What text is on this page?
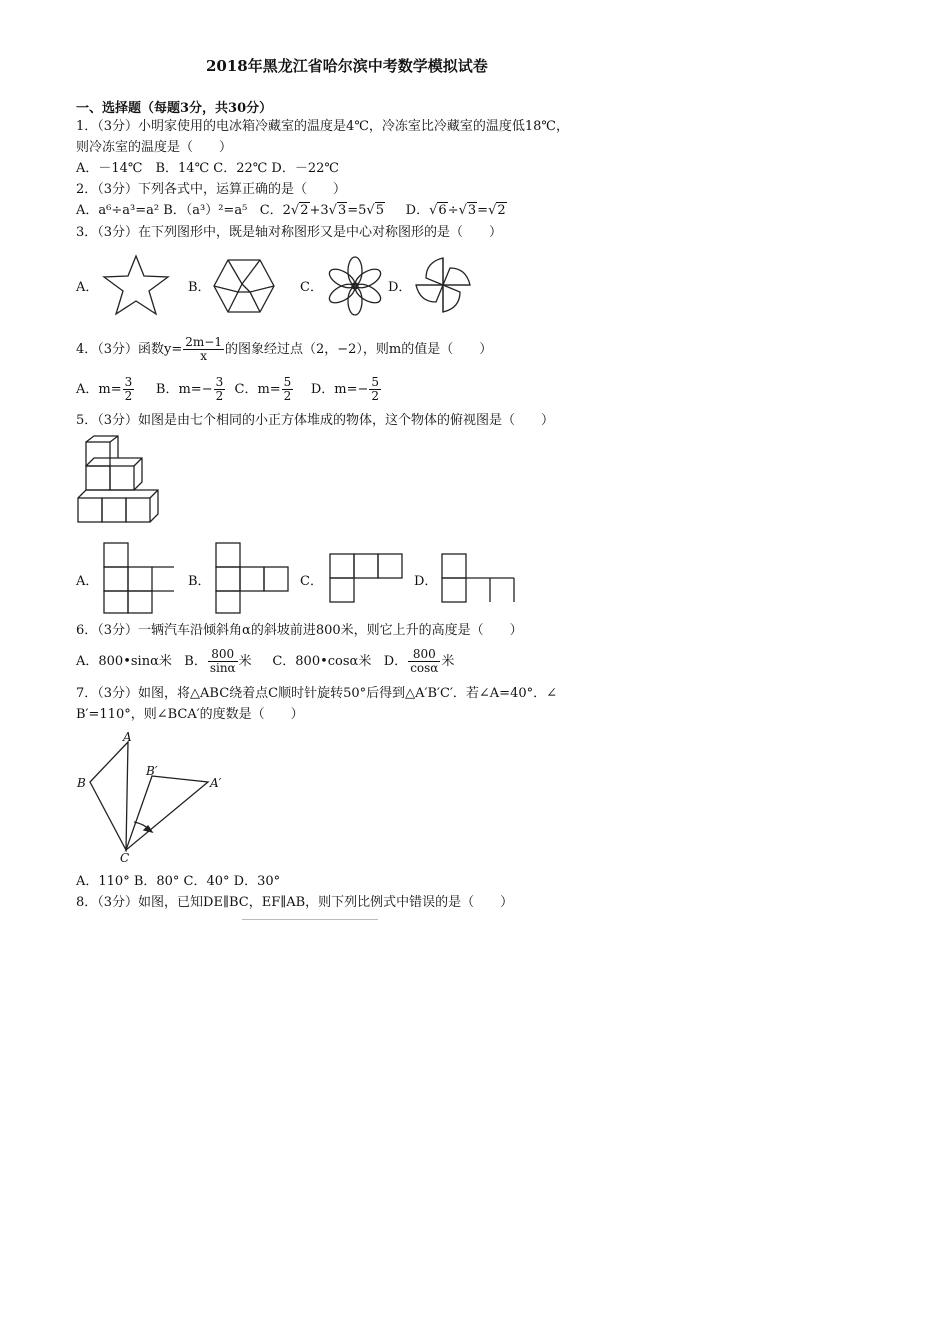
2018年黑龙江省哈尔滨中考数学模拟试卷
一、选择题（每题3分，共30分）
1．（3分）小明家使用的电冰箱冷藏室的温度是4℃，冷冻室比冷藏室的温度低18℃，
则冷冻室的温度是（　　）
A．－14℃　B．14℃ C．22℃ D．－22℃
2．（3分）下列各式中，运算正确的是（　　）
A．a⁶÷a³=a² B．（a³）²=a⁵ C．2√2+3√3=5√5 D．√6÷√3=√2
3．（3分）在下列图形中，既是轴对称图形又是中心对称图形的是（　　）
A．	B．	C．	D．
4．（3分）函数$y= \frac{2m-1}{x}$ 的图象经过点（2，−2），则m的值是（　　）
A．$m= \frac{3}{2}$ B．$m=- \frac{3}{2}$ C．$m= \frac{5}{2}$ D．$m=- \frac{5}{2}$
5．（3分）如图是由七个相同的小正方体堆成的物体，这个物体的俯视图是（　　）
A．	B．	C．	D．
6．（3分）一辆汽车沿倾斜角α的斜坡前进800米，则它上升的高度是（　　）
A．800•sinα米 B． $\frac{800}{\sin\alpha}$ 米 C．800•cosα米 D． $\frac{800}{\cos\alpha}$ 米
7．（3分）如图，将△ABC绕着点C顺时针旋转50°后得到△A′B′C′．若∠A=40°．∠
B′=110°，则∠BCA′的度数是（　　）
A
B
B′
A′
C
A．110° B．80° C．40° D．30°
8．（3分）如图，已知DE∥BC，EF∥AB，则下列比例式中错误的是（　　）
